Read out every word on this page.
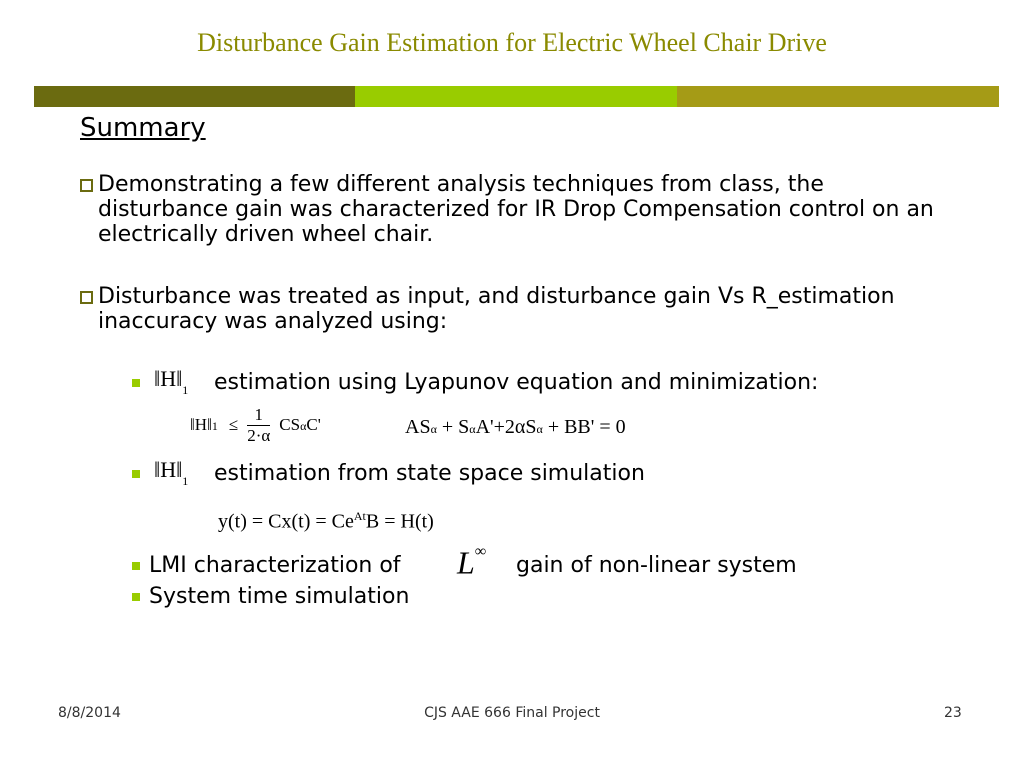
Disturbance Gain Estimation for Electric Wheel Chair Drive
Summary
Demonstrating a few different analysis techniques from class, the disturbance gain was characterized for IR Drop Compensation control on an electrically driven wheel chair.
Disturbance was treated as input, and disturbance gain Vs R_estimation inaccuracy was analyzed using:
$‖H‖_1$ estimation using Lyapunov equation and minimization:
‖H‖1 ≤ $\frac{1}{2\cdot\alpha} CS\alpha C'$	ASα + SαA'+2αSα + BB' = 0
$‖H‖_1$ estimation from state space simulation
$y(t) = Cx(t) = Ce^{At}B = H(t)$
LMI characterization of L∞
gain of non-linear system
System time simulation
8/8/2014	CJS AAE 666 Final Project	23
